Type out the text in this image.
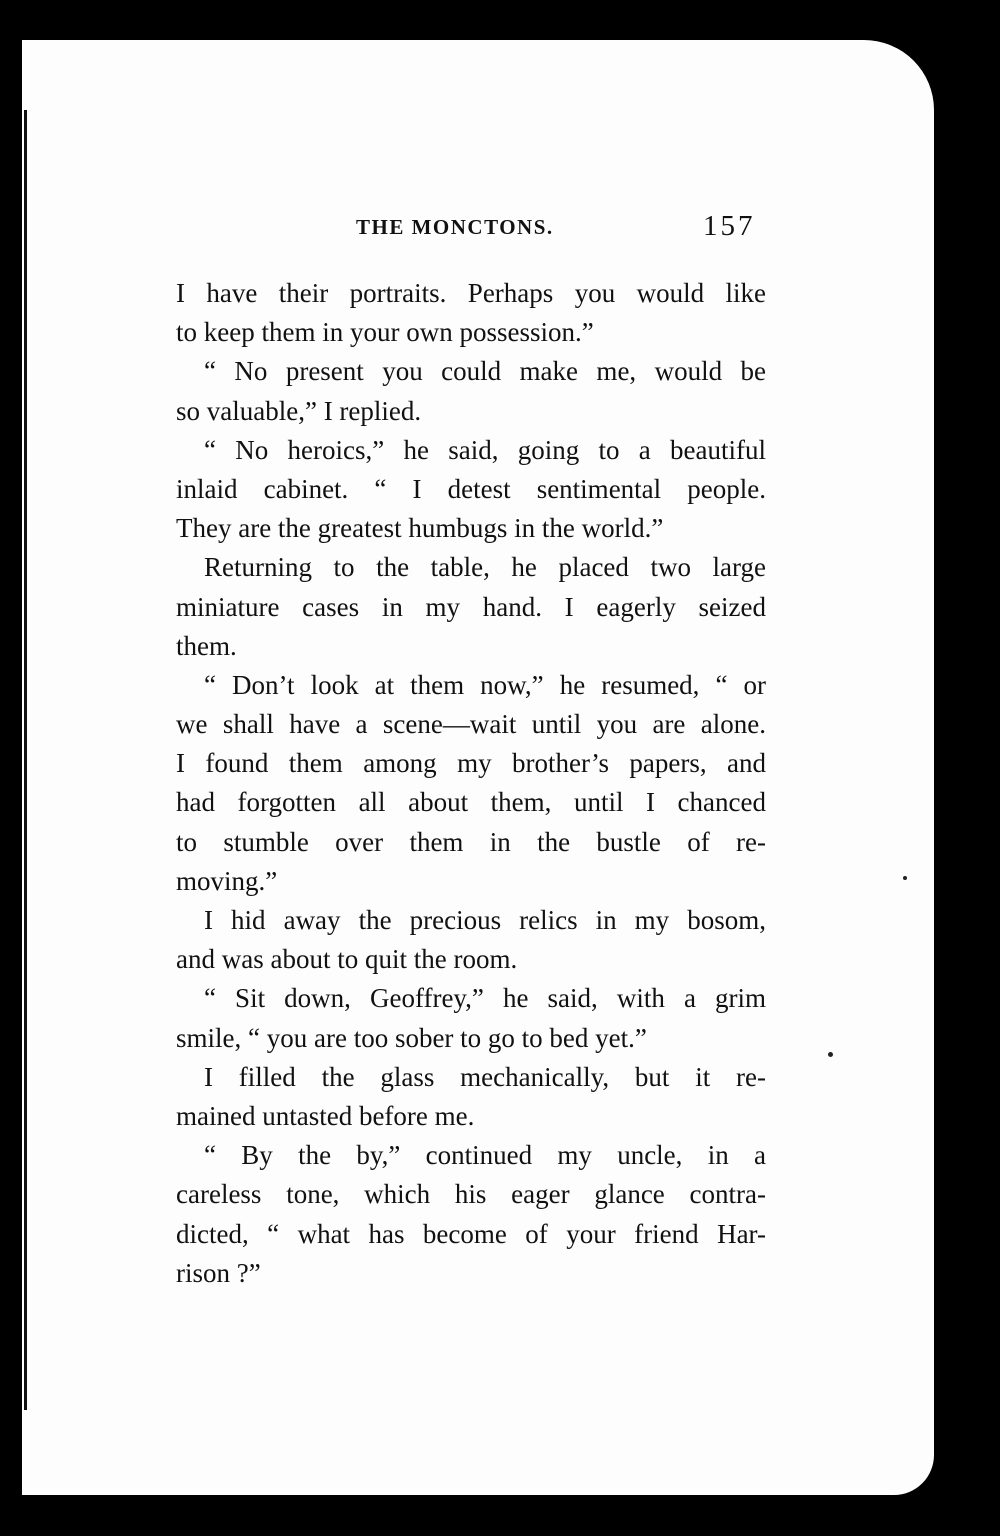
THE MONCTONS.	157
I have their portraits. Perhaps you would like
to keep them in your own possession.”
“ No present you could make me, would be
so valuable,” I replied.
“ No heroics,” he said, going to a beautiful
inlaid cabinet. “ I detest sentimental people.
They are the greatest humbugs in the world.”
Returning to the table, he placed two large
miniature cases in my hand. I eagerly seized
them.
“ Don’t look at them now,” he resumed, “ or
we shall have a scene—wait until you are alone.
I found them among my brother’s papers, and
had forgotten all about them, until I chanced
to stumble over them in the bustle of re-
moving.”
I hid away the precious relics in my bosom,
and was about to quit the room.
“ Sit down, Geoffrey,” he said, with a grim
smile, “ you are too sober to go to bed yet.”
I filled the glass mechanically, but it re-
mained untasted before me.
“ By the by,” continued my uncle, in a
careless tone, which his eager glance contra-
dicted, “ what has become of your friend Har-
rison ?”
